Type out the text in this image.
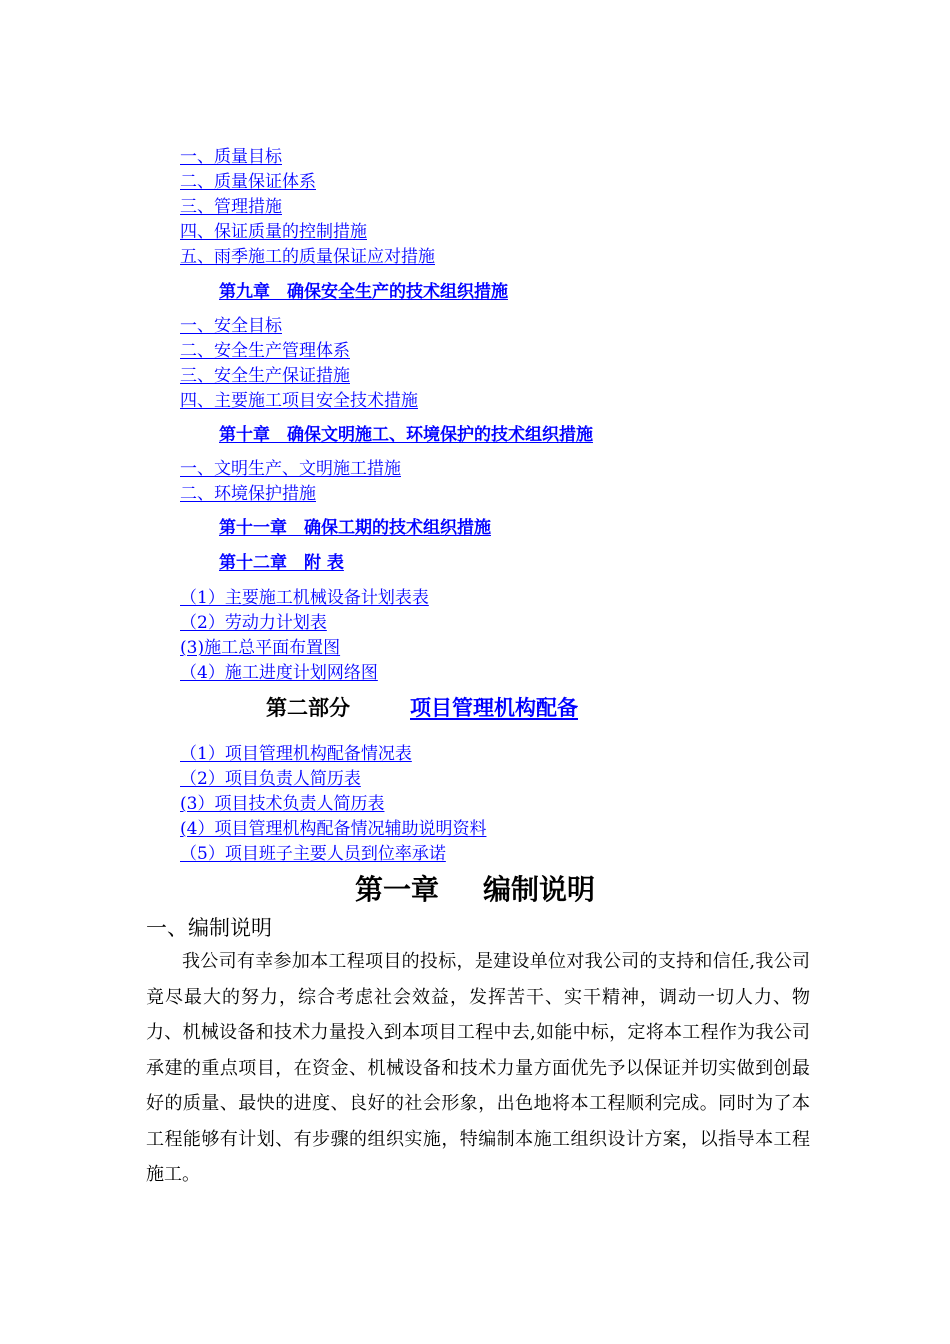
一、质量目标
二、质量保证体系
三、管理措施
四、保证质量的控制措施
五、雨季施工的质量保证应对措施
第九章　确保安全生产的技术组织措施
一、安全目标
二、安全生产管理体系
三、安全生产保证措施
四、主要施工项目安全技术措施
第十章　确保文明施工、环境保护的技术组织措施
一、文明生产、文明施工措施
二、环境保护措施
第十一章　确保工期的技术组织措施
第十二章　附 表
（1）主要施工机械设备计划表表
（2）劳动力计划表
(3)施工总平面布置图
（4）施工进度计划网络图
第二部分	项目管理机构配备
（1）项目管理机构配备情况表
（2）项目负责人简历表
(3）项目技术负责人简历表
(4）项目管理机构配备情况辅助说明资料
（5）项目班子主要人员到位率承诺
第一章 编制说明
一、编制说明

我公司有幸参加本工程项目的投标，是建设单位对我公司的支持和信任,我公司竟尽最大的努力，综合考虑社会效益，发挥苦干、实干精神，调动一切人力、物力、机械设备和技术力量投入到本项目工程中去,如能中标，定将本工程作为我公司承建的重点项目，在资金、机械设备和技术力量方面优先予以保证并切实做到创最好的质量、最快的进度、良好的社会形象，出色地将本工程顺利完成。同时为了本工程能够有计划、有步骤的组织实施，特编制本施工组织设计方案，以指导本工程施工。
